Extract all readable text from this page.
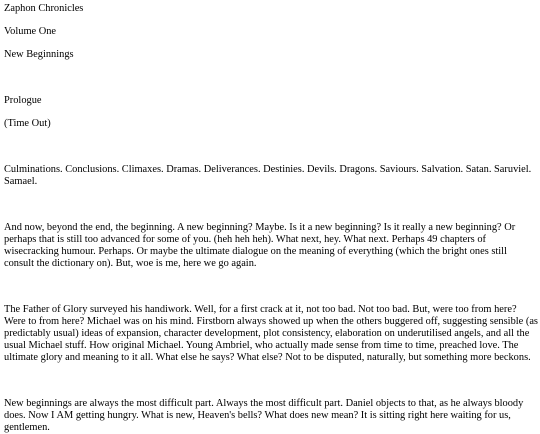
Zaphon Chronicles

Volume One

New Beginnings

Prologue

(Time Out)

Culminations. Conclusions. Climaxes. Dramas. Deliverances. Destinies. Devils. Dragons. Saviours. Salvation. Satan. Saruviel. Samael.

And now, beyond the end, the beginning. A new beginning? Maybe. Is it a new beginning? Is it really a new beginning? Or perhaps that is still too advanced for some of you. (heh heh heh). What next, hey. What next. Perhaps 49 chapters of wisecracking humour. Perhaps. Or maybe the ultimate dialogue on the meaning of everything (which the bright ones still consult the dictionary on). But, woe is me, here we go again.

The Father of Glory surveyed his handiwork. Well, for a first crack at it, not too bad. Not too bad. But, were too from here? Were to from here? Michael was on his mind. Firstborn always showed up when the others buggered off, suggesting sensible (as predictably usual) ideas of expansion, character development, plot consistency, elaboration on underutilised angels, and all the usual Michael stuff. How original Michael. Young Ambriel, who actually made sense from time to time, preached love. The ultimate glory and meaning to it all. What else he says? What else? Not to be disputed, naturally, but something more beckons.

New beginnings are always the most difficult part. Always the most difficult part. Daniel objects to that, as he always bloody does. Now I AM getting hungry. What is new, Heaven's bells? What does new mean? It is sitting right here waiting for us, gentlemen.
